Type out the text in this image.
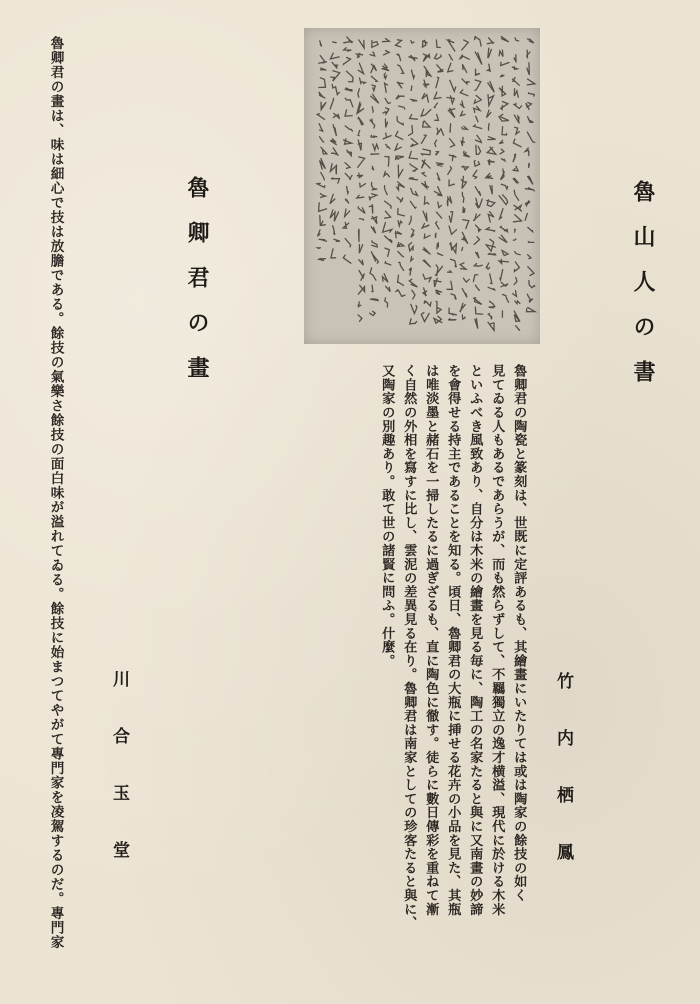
魯山人の書
竹内栖鳳
魯卿君の陶瓷と篆刻は、世既に定評あるも、其繪畫にいたりては或は陶家の餘技の如く
見てゐる人もあるであらうが、而も然らずして、不羈獨立の逸才横溢、現代に於ける木米
といふべき風致あり、自分は木米の繪畫を見る毎に、陶工の名家たると與に又南畫の妙諦
を會得せる持主であることを知る。頃日、魯卿君の大瓶に挿せる花卉の小品を見た、其瓶
は唯淡墨と赭石を一掃したるに過ぎざるも、直に陶色に徹す。徒らに數日傳彩を重ねて漸
く自然の外相を寫すに比し、雲泥の差異見る在り。魯卿君は南家としての珍客たると與に、
又陶家の別趣あり。敢て世の諸賢に問ふ。什麼。
魯卿君の畫
川合玉堂
魯卿君の畫は、味は細心で技は放膽である。餘技の氣樂さ餘技の面白味が溢れてゐる。餘技に始まつてやがて專門家を凌駕するのだ。專門家
